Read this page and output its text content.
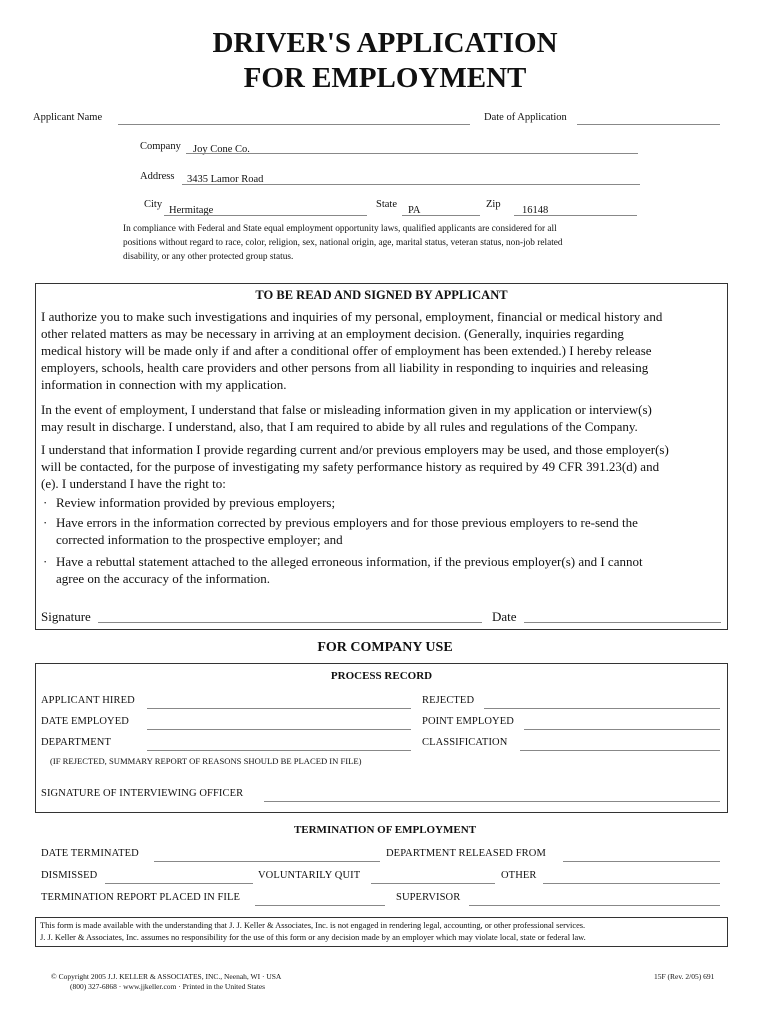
DRIVER'S APPLICATION
FOR EMPLOYMENT
Applicant Name	Date of Application
Company Joy Cone Co.
Address 3435 Lamor Road
City
Hermitage
State
PA
Zip
16148
In compliance with Federal and State equal employment opportunity laws, qualified applicants are considered for all
positions without regard to race, color, religion, sex, national origin, age, marital status, veteran status, non-job related
disability, or any other protected group status.
TO BE READ AND SIGNED BY APPLICANT
I authorize you to make such investigations and inquiries of my personal, employment, financial or medical history and
other related matters as may be necessary in arriving at an employment decision. (Generally, inquiries regarding
medical history will be made only if and after a conditional offer of employment has been extended.) I hereby release
employers, schools, health care providers and other persons from all liability in responding to inquiries and releasing
information in connection with my application.
In the event of employment, I understand that false or misleading information given in my application or interview(s)
may result in discharge. I understand, also, that I am required to abide by all rules and regulations of the Company.
I understand that information I provide regarding current and/or previous employers may be used, and those employer(s)
will be contacted, for the purpose of investigating my safety performance history as required by 49 CFR 391.23(d) and
(e). I understand I have the right to:
· Review information provided by previous employers;
· Have errors in the information corrected by previous employers and for those previous employers to re-send the
corrected information to the prospective employer; and
· Have a rebuttal statement attached to the alleged erroneous information, if the previous employer(s) and I cannot
agree on the accuracy of the information.
Signature	Date
FOR COMPANY USE
PROCESS RECORD
APPLICANT HIRED	REJECTED
DATE EMPLOYED	POINT EMPLOYED
DEPARTMENT	CLASSIFICATION
(IF REJECTED, SUMMARY REPORT OF REASONS SHOULD BE PLACED IN FILE)
SIGNATURE OF INTERVIEWING OFFICER
TERMINATION OF EMPLOYMENT
DATE TERMINATED	DEPARTMENT RELEASED FROM
DISMISSED	VOLUNTARILY QUIT	OTHER
TERMINATION REPORT PLACED IN FILE	SUPERVISOR
This form is made available with the understanding that J. J. Keller & Associates, Inc. is not engaged in rendering legal, accounting, or other professional services.
J. J. Keller & Associates, Inc. assumes no responsibility for the use of this form or any decision made by an employer which may violate local, state or federal law.
© Copyright 2005 J.J. KELLER & ASSOCIATES, INC., Neenah, WI · USA
(800) 327-6868 · www.jjkeller.com · Printed in the United States
15F (Rev. 2/05) 691
